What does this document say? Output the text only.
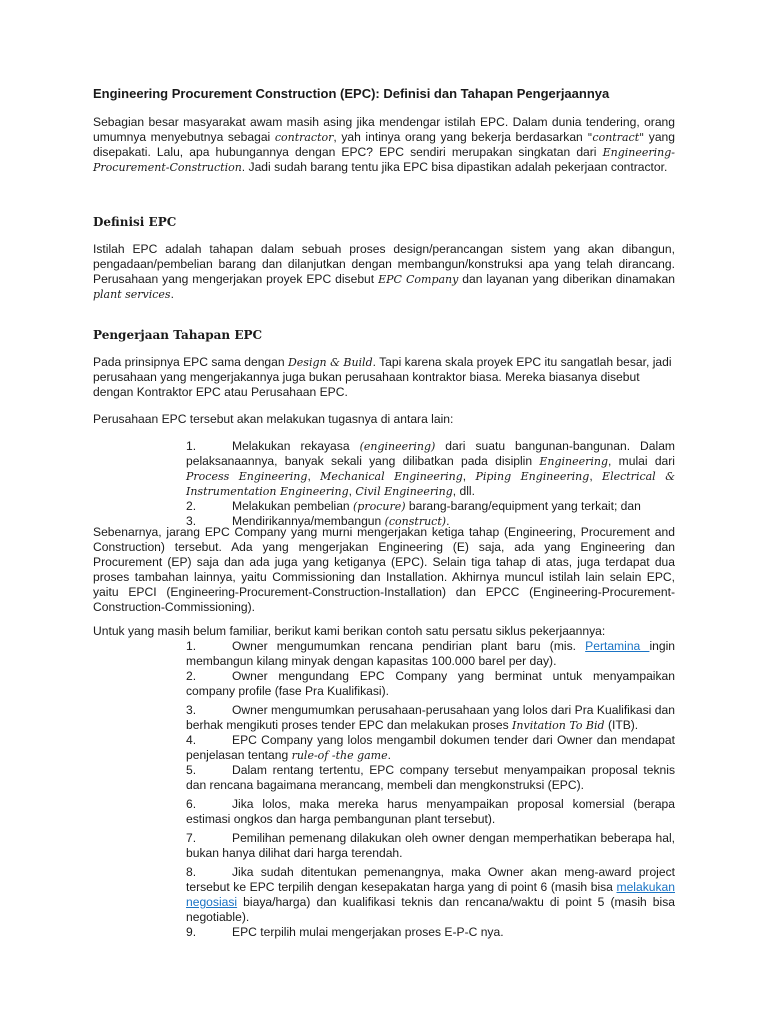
Engineering Procurement Construction (EPC): Definisi dan Tahapan Pengerjaannya
Sebagian besar masyarakat awam masih asing jika mendengar istilah EPC. Dalam dunia tendering, orang umumnya menyebutnya sebagai contractor, yah intinya orang yang bekerja berdasarkan "contract" yang disepakati. Lalu, apa hubungannya dengan EPC? EPC sendiri merupakan singkatan dari Engineering-Procurement-Construction. Jadi sudah barang tentu jika EPC bisa dipastikan adalah pekerjaan contractor.
Definisi EPC
Istilah EPC adalah tahapan dalam sebuah proses design/perancangan sistem yang akan dibangun, pengadaan/pembelian barang dan dilanjutkan dengan membangun/konstruksi apa yang telah dirancang. Perusahaan yang mengerjakan proyek EPC disebut EPC Company dan layanan yang diberikan dinamakan plant services.
Pengerjaan Tahapan EPC
Pada prinsipnya EPC sama dengan Design & Build. Tapi karena skala proyek EPC itu sangatlah besar, jadi perusahaan yang mengerjakannya juga bukan perusahaan kontraktor biasa. Mereka biasanya disebut dengan Kontraktor EPC atau Perusahaan EPC.
Perusahaan EPC tersebut akan melakukan tugasnya di antara lain:
1.	Melakukan rekayasa (engineering) dari suatu bangunan-bangunan. Dalam pelaksanaannya, banyak sekali yang dilibatkan pada disiplin Engineering, mulai dari Process Engineering, Mechanical Engineering, Piping Engineering, Electrical & Instrumentation Engineering, Civil Engineering, dll.
2.	Melakukan pembelian (procure) barang-barang/equipment yang terkait; dan
3.	Mendirikannya/membangun (construct).
Sebenarnya, jarang EPC Company yang murni mengerjakan ketiga tahap (Engineering, Procurement and Construction) tersebut. Ada yang mengerjakan Engineering (E) saja, ada yang Engineering dan Procurement (EP) saja dan ada juga yang ketiganya (EPC). Selain tiga tahap di atas, juga terdapat dua proses tambahan lainnya, yaitu Commissioning dan Installation. Akhirnya muncul istilah lain selain EPC, yaitu EPCI (Engineering-Procurement-Construction-Installation) dan EPCC (Engineering-Procurement-Construction-Commissioning).
Untuk yang masih belum familiar, berikut kami berikan contoh satu persatu siklus pekerjaannya:
1.	Owner mengumumkan rencana pendirian plant baru (mis. Pertamina ingin membangun kilang minyak dengan kapasitas 100.000 barel per day).
2.	Owner mengundang EPC Company yang berminat untuk menyampaikan company profile (fase Pra Kualifikasi).
3.	Owner mengumumkan perusahaan-perusahaan yang lolos dari Pra Kualifikasi dan berhak mengikuti proses tender EPC dan melakukan proses Invitation To Bid (ITB).
4.	EPC Company yang lolos mengambil dokumen tender dari Owner dan mendapat penjelasan tentang rule-of -the game.
5.	Dalam rentang tertentu, EPC company tersebut menyampaikan proposal teknis dan rencana bagaimana merancang, membeli dan mengkonstruksi (EPC).
6.	Jika lolos, maka mereka harus menyampaikan proposal komersial (berapa estimasi ongkos dan harga pembangunan plant tersebut).
7.	Pemilihan pemenang dilakukan oleh owner dengan memperhatikan beberapa hal, bukan hanya dilihat dari harga terendah.
8.	Jika sudah ditentukan pemenangnya, maka Owner akan meng-award project tersebut ke EPC terpilih dengan kesepakatan harga yang di point 6 (masih bisa melakukan negosiasi biaya/harga) dan kualifikasi teknis dan rencana/waktu di point 5 (masih bisa negotiable).
9.	EPC terpilih mulai mengerjakan proses E-P-C nya.
